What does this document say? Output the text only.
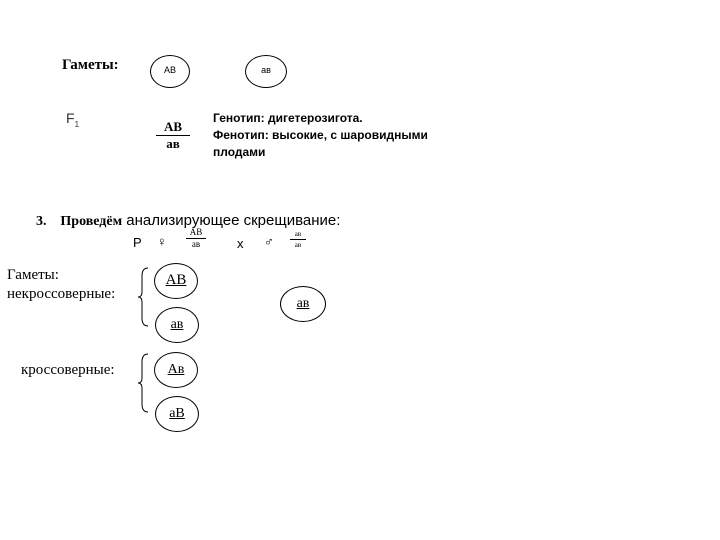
Гаметы:	АВ	ав
$F_1$	АВ
ав
Генотип: дигетерозигота.
Фенотип: высокие, с шаровидными
плодами
3. Проведём анализирующее скрещивание:
Р ♀
АВ
ав	х ♂	ав
ав
Гаметы:
некроссоверные:
АВ
ав
ав
кроссоверные:	Ав
аВ
